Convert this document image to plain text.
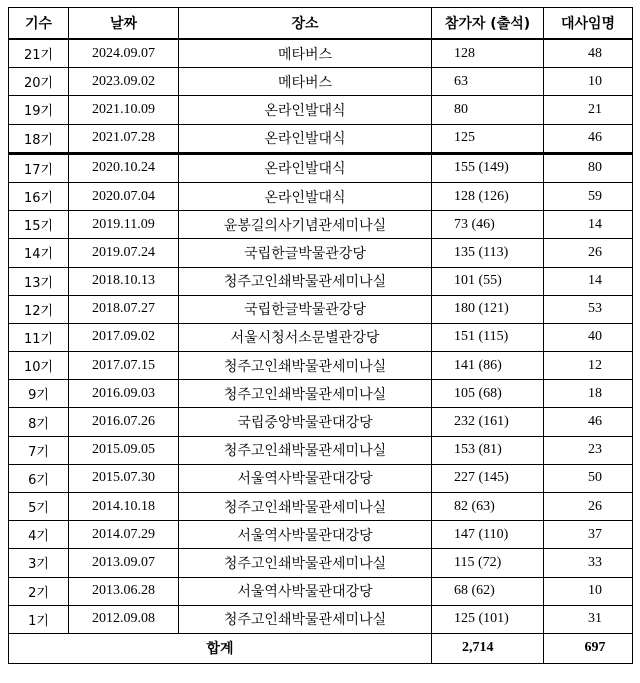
기수	날짜	장소	참가자 (출석)	대사임명
21기	2024.09.07	메타버스	128	48
20기	2023.09.02	메타버스	63	10
19기	2021.10.09	온라인발대식	80	21
18기	2021.07.28	온라인발대식	125	46
17기	2020.10.24	온라인발대식	155 (149)	80
16기	2020.07.04	온라인발대식	128 (126)	59
15기	2019.11.09	윤봉길의사기념관세미나실	73 (46)	14
14기	2019.07.24	국립한글박물관강당	135 (113)	26
13기	2018.10.13	청주고인쇄박물관세미나실	101 (55)	14
12기	2018.07.27	국립한글박물관강당	180 (121)	53
11기	2017.09.02	서울시청서소문별관강당	151 (115)	40
10기	2017.07.15	청주고인쇄박물관세미나실	141 (86)	12
9기	2016.09.03	청주고인쇄박물관세미나실	105 (68)	18
8기	2016.07.26	국립중앙박물관대강당	232 (161)	46
7기	2015.09.05	청주고인쇄박물관세미나실	153 (81)	23
6기	2015.07.30	서울역사박물관대강당	227 (145)	50
5기	2014.10.18	청주고인쇄박물관세미나실	82 (63)	26
4기	2014.07.29	서울역사박물관대강당	147 (110)	37
3기	2013.09.07	청주고인쇄박물관세미나실	115 (72)	33
2기	2013.06.28	서울역사박물관대강당	68 (62)	10
1기	2012.09.08	청주고인쇄박물관세미나실	125 (101)	31
합계			2,714	697
